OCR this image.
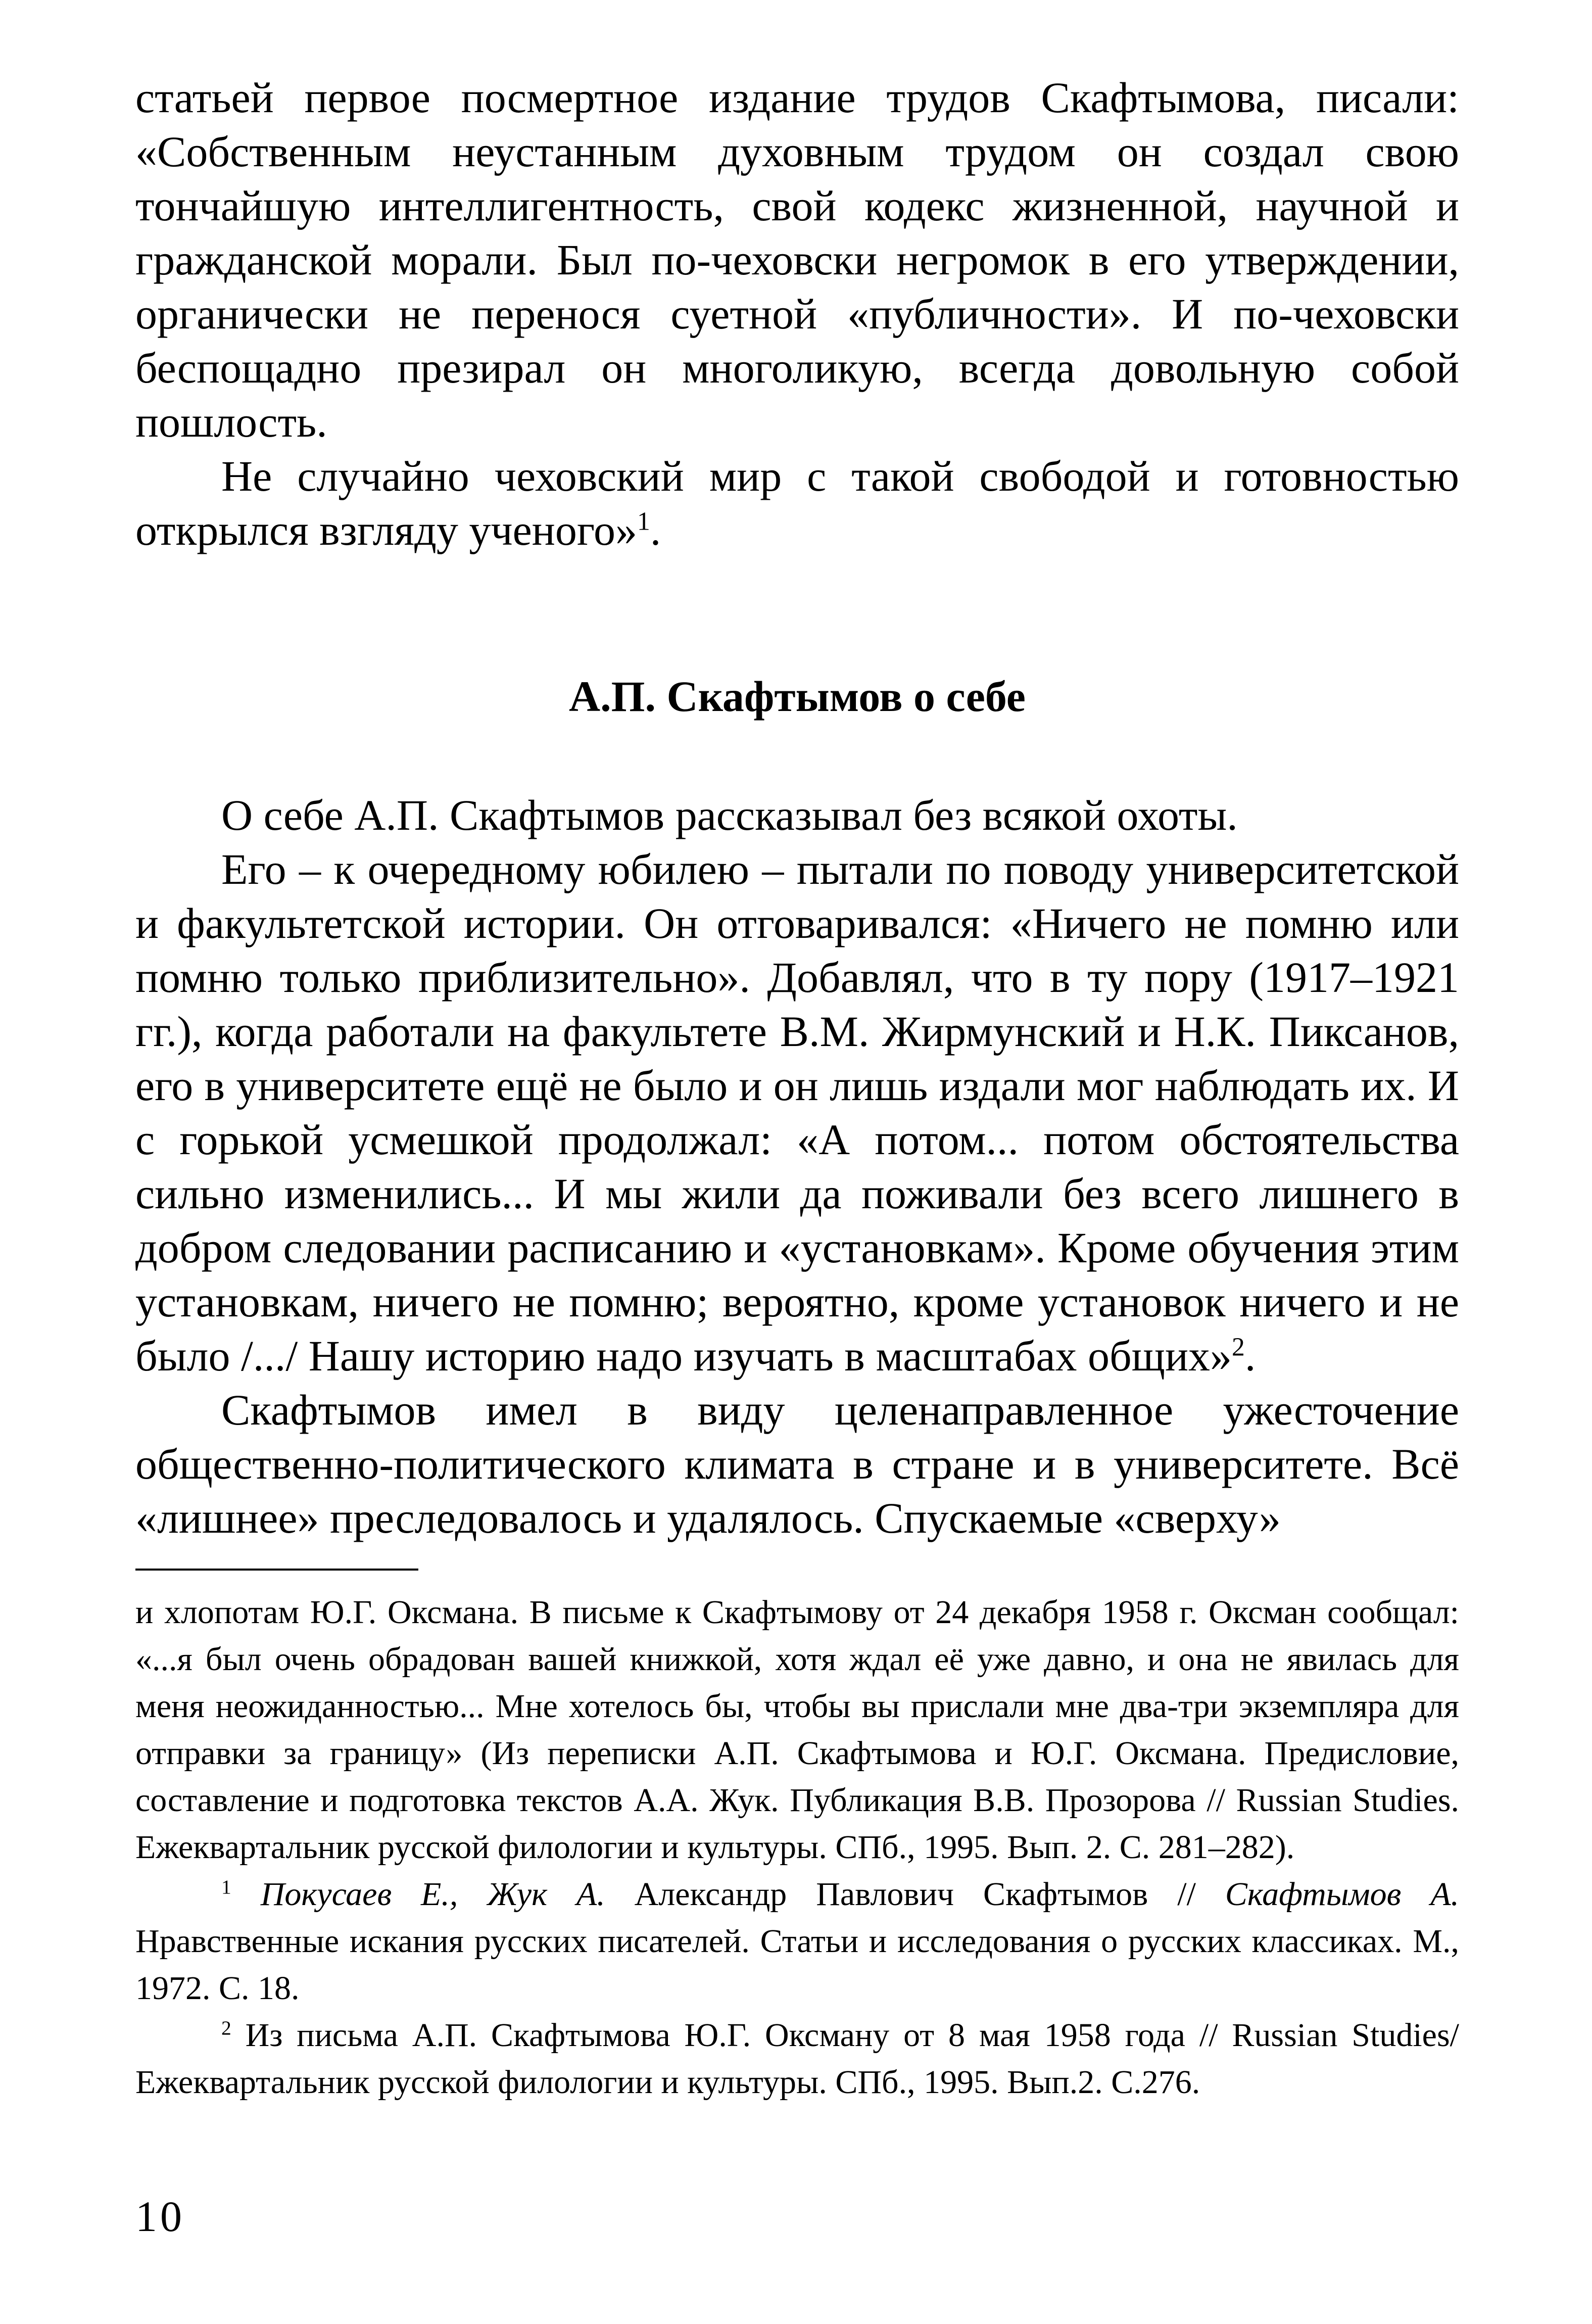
статьей первое посмертное издание трудов Скафтымова, писали: «Собственным неустанным духовным трудом он создал свою тончайшую интеллигентность, свой кодекс жизненной, научной и гражданской морали. Был по-чеховски негромок в его утверждении, органически не перенося суетной «публичности». И по-чеховски беспощадно презирал он многоликую, всегда довольную собой пошлость.

Не случайно чеховский мир с такой свободой и готовностью открылся взгляду ученого»$^1$.

А.П. Скафтымов о себе

О себе А.П. Скафтымов рассказывал без всякой охоты.

Его – к очередному юбилею – пытали по поводу университетской и факультетской истории. Он отговаривался: «Ничего не помню или помню только приблизительно». Добавлял, что в ту пору (1917–1921 гг.), когда работали на факультете В.М. Жирмунский и Н.К. Пиксанов, его в университете ещё не было и он лишь издали мог наблюдать их. И с горькой усмешкой продолжал: «А потом... потом обстоятельства сильно изменились... И мы жили да поживали без всего лишнего в добром следовании расписанию и «установкам». Кроме обучения этим установкам, ничего не помню; вероятно, кроме установок ничего и не было /.../ Нашу историю надо изучать в масштабах общих»$^2$.

Скафтымов имел в виду целенаправленное ужесточение общественно-политического климата в стране и в университете. Всё «лишнее» преследовалось и удалялось. Спускаемые «сверху»

и хлопотам Ю.Г. Оксмана. В письме к Скафтымову от 24 декабря 1958 г. Оксман сообщал: «...я был очень обрадован вашей книжкой, хотя ждал её уже давно, и она не явилась для меня неожиданностью... Мне хотелось бы, чтобы вы прислали мне два-три экземпляра для отправки за границу» (Из переписки А.П. Скафтымова и Ю.Г. Оксмана. Предисловие, составление и подготовка текстов А.А. Жук. Публикация В.В. Прозорова // Russian Studies. Ежеквартальник русской филологии и культуры. СПб., 1995. Вып. 2. С. 281–282).

$^1$ Покусаев Е., Жук А. Александр Павлович Скафтымов // Скафтымов А. Нравственные искания русских писателей. Статьи и исследования о русских классиках. М., 1972. С. 18.

$^2$ Из письма А.П. Скафтымова Ю.Г. Оксману от 8 мая 1958 года // Russian Studies/ Ежеквартальник русской филологии и культуры. СПб., 1995. Вып.2. С.276.

10
